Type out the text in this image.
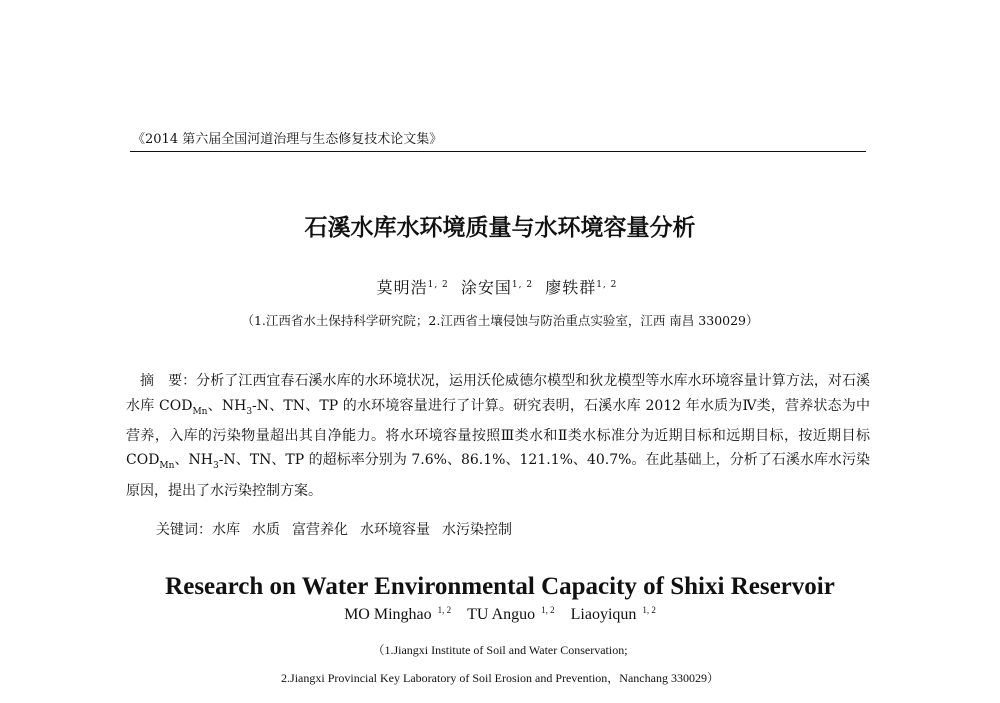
《2014 第六届全国河道治理与生态修复技术论文集》
石溪水库水环境质量与水环境容量分析
莫明浩$^{1, 2}$ 涂安国$^{1, 2}$ 廖轶群$^{1, 2}$
（1.江西省水土保持科学研究院；2.江西省土壤侵蚀与防治重点实验室，江西 南昌 330029）
摘　要：分析了江西宜春石溪水库的水环境状况，运用沃伦威德尔模型和狄龙模型等水库水环境容量计算方法，对石溪水库 $COD_{Mn}$、$NH_3-N$、TN、TP 的水环境容量进行了计算。研究表明，石溪水库 2012 年水质为Ⅳ类，营养状态为中营养，入库的污染物量超出其自净能力。将水环境容量按照Ⅲ类水和Ⅱ类水标准分为近期目标和远期目标，按近期目标 $COD_{Mn}$、$NH_3-N$、TN、TP 的超标率分别为 7.6%、86.1%、121.1%、40.7%。在此基础上，分析了石溪水库水污染原因，提出了水污染控制方案。
关键词：水库 水质 富营养化 水环境容量 水污染控制
Research on Water Environmental Capacity of Shixi Reservoir
MO Minghao $^{1, 2}$ TU Anguo $^{1, 2}$ Liaoyiqun $^{1, 2}$
（1.Jiangxi Institute of Soil and Water Conservation;
2.Jiangxi Provincial Key Laboratory of Soil Erosion and Prevention，Nanchang 330029）
